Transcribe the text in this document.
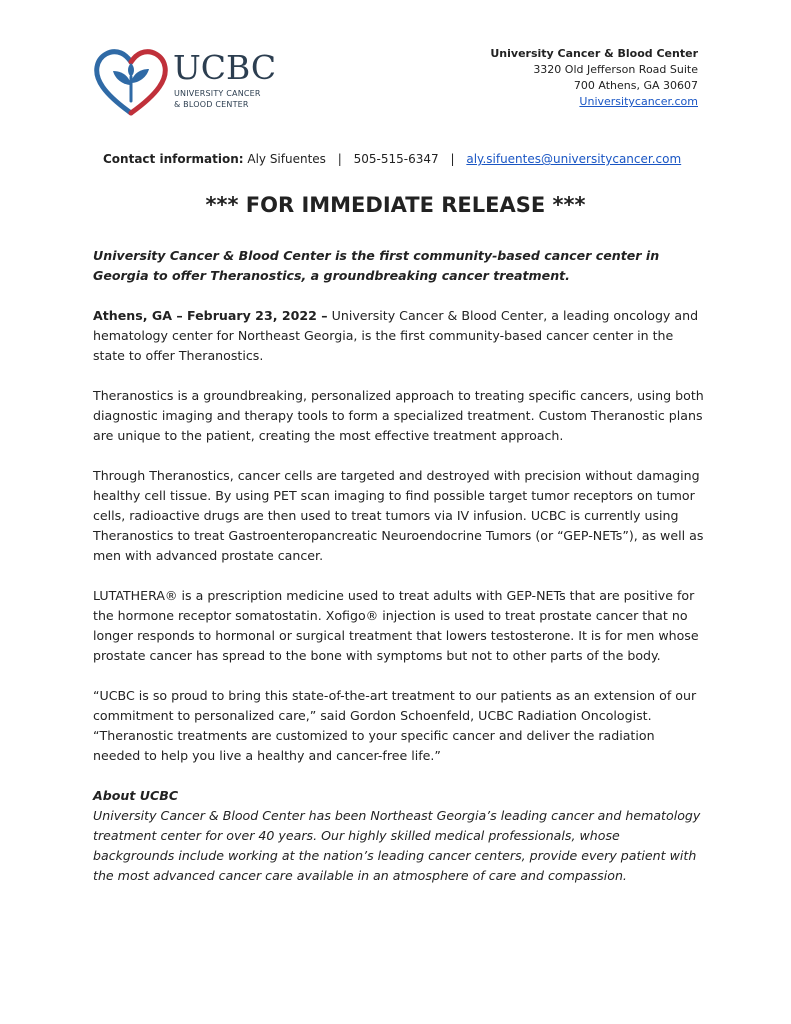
UCBC
UNIVERSITY CANCER
& BLOOD CENTER
University Cancer & Blood Center
3320 Old Jefferson Road Suite
700 Athens, GA 30607
Universitycancer.com
Contact information: Aly Sifuentes | 505-515-6347 | aly.sifuentes@universitycancer.com
*** FOR IMMEDIATE RELEASE ***

University Cancer & Blood Center is the first community-based cancer center in Georgia to offer Theranostics, a groundbreaking cancer treatment.

Athens, GA – February 23, 2022 – University Cancer & Blood Center, a leading oncology and hematology center for Northeast Georgia, is the first community-based cancer center in the state to offer Theranostics.

Theranostics is a groundbreaking, personalized approach to treating specific cancers, using both diagnostic imaging and therapy tools to form a specialized treatment. Custom Theranostic plans are unique to the patient, creating the most effective treatment approach.

Through Theranostics, cancer cells are targeted and destroyed with precision without damaging healthy cell tissue. By using PET scan imaging to find possible target tumor receptors on tumor cells, radioactive drugs are then used to treat tumors via IV infusion. UCBC is currently using Theranostics to treat Gastroenteropancreatic Neuroendocrine Tumors (or “GEP-NETs”), as well as men with advanced prostate cancer.

LUTATHERA® is a prescription medicine used to treat adults with GEP-NETs that are positive for the hormone receptor somatostatin. Xofigo® injection is used to treat prostate cancer that no longer responds to hormonal or surgical treatment that lowers testosterone. It is for men whose prostate cancer has spread to the bone with symptoms but not to other parts of the body.

“UCBC is so proud to bring this state-of-the-art treatment to our patients as an extension of our commitment to personalized care,” said Gordon Schoenfeld, UCBC Radiation Oncologist. “Theranostic treatments are customized to your specific cancer and deliver the radiation needed to help you live a healthy and cancer-free life.”

About UCBC

University Cancer & Blood Center has been Northeast Georgia’s leading cancer and hematology treatment center for over 40 years. Our highly skilled medical professionals, whose backgrounds include working at the nation’s leading cancer centers, provide every patient with the most advanced cancer care available in an atmosphere of care and compassion.
